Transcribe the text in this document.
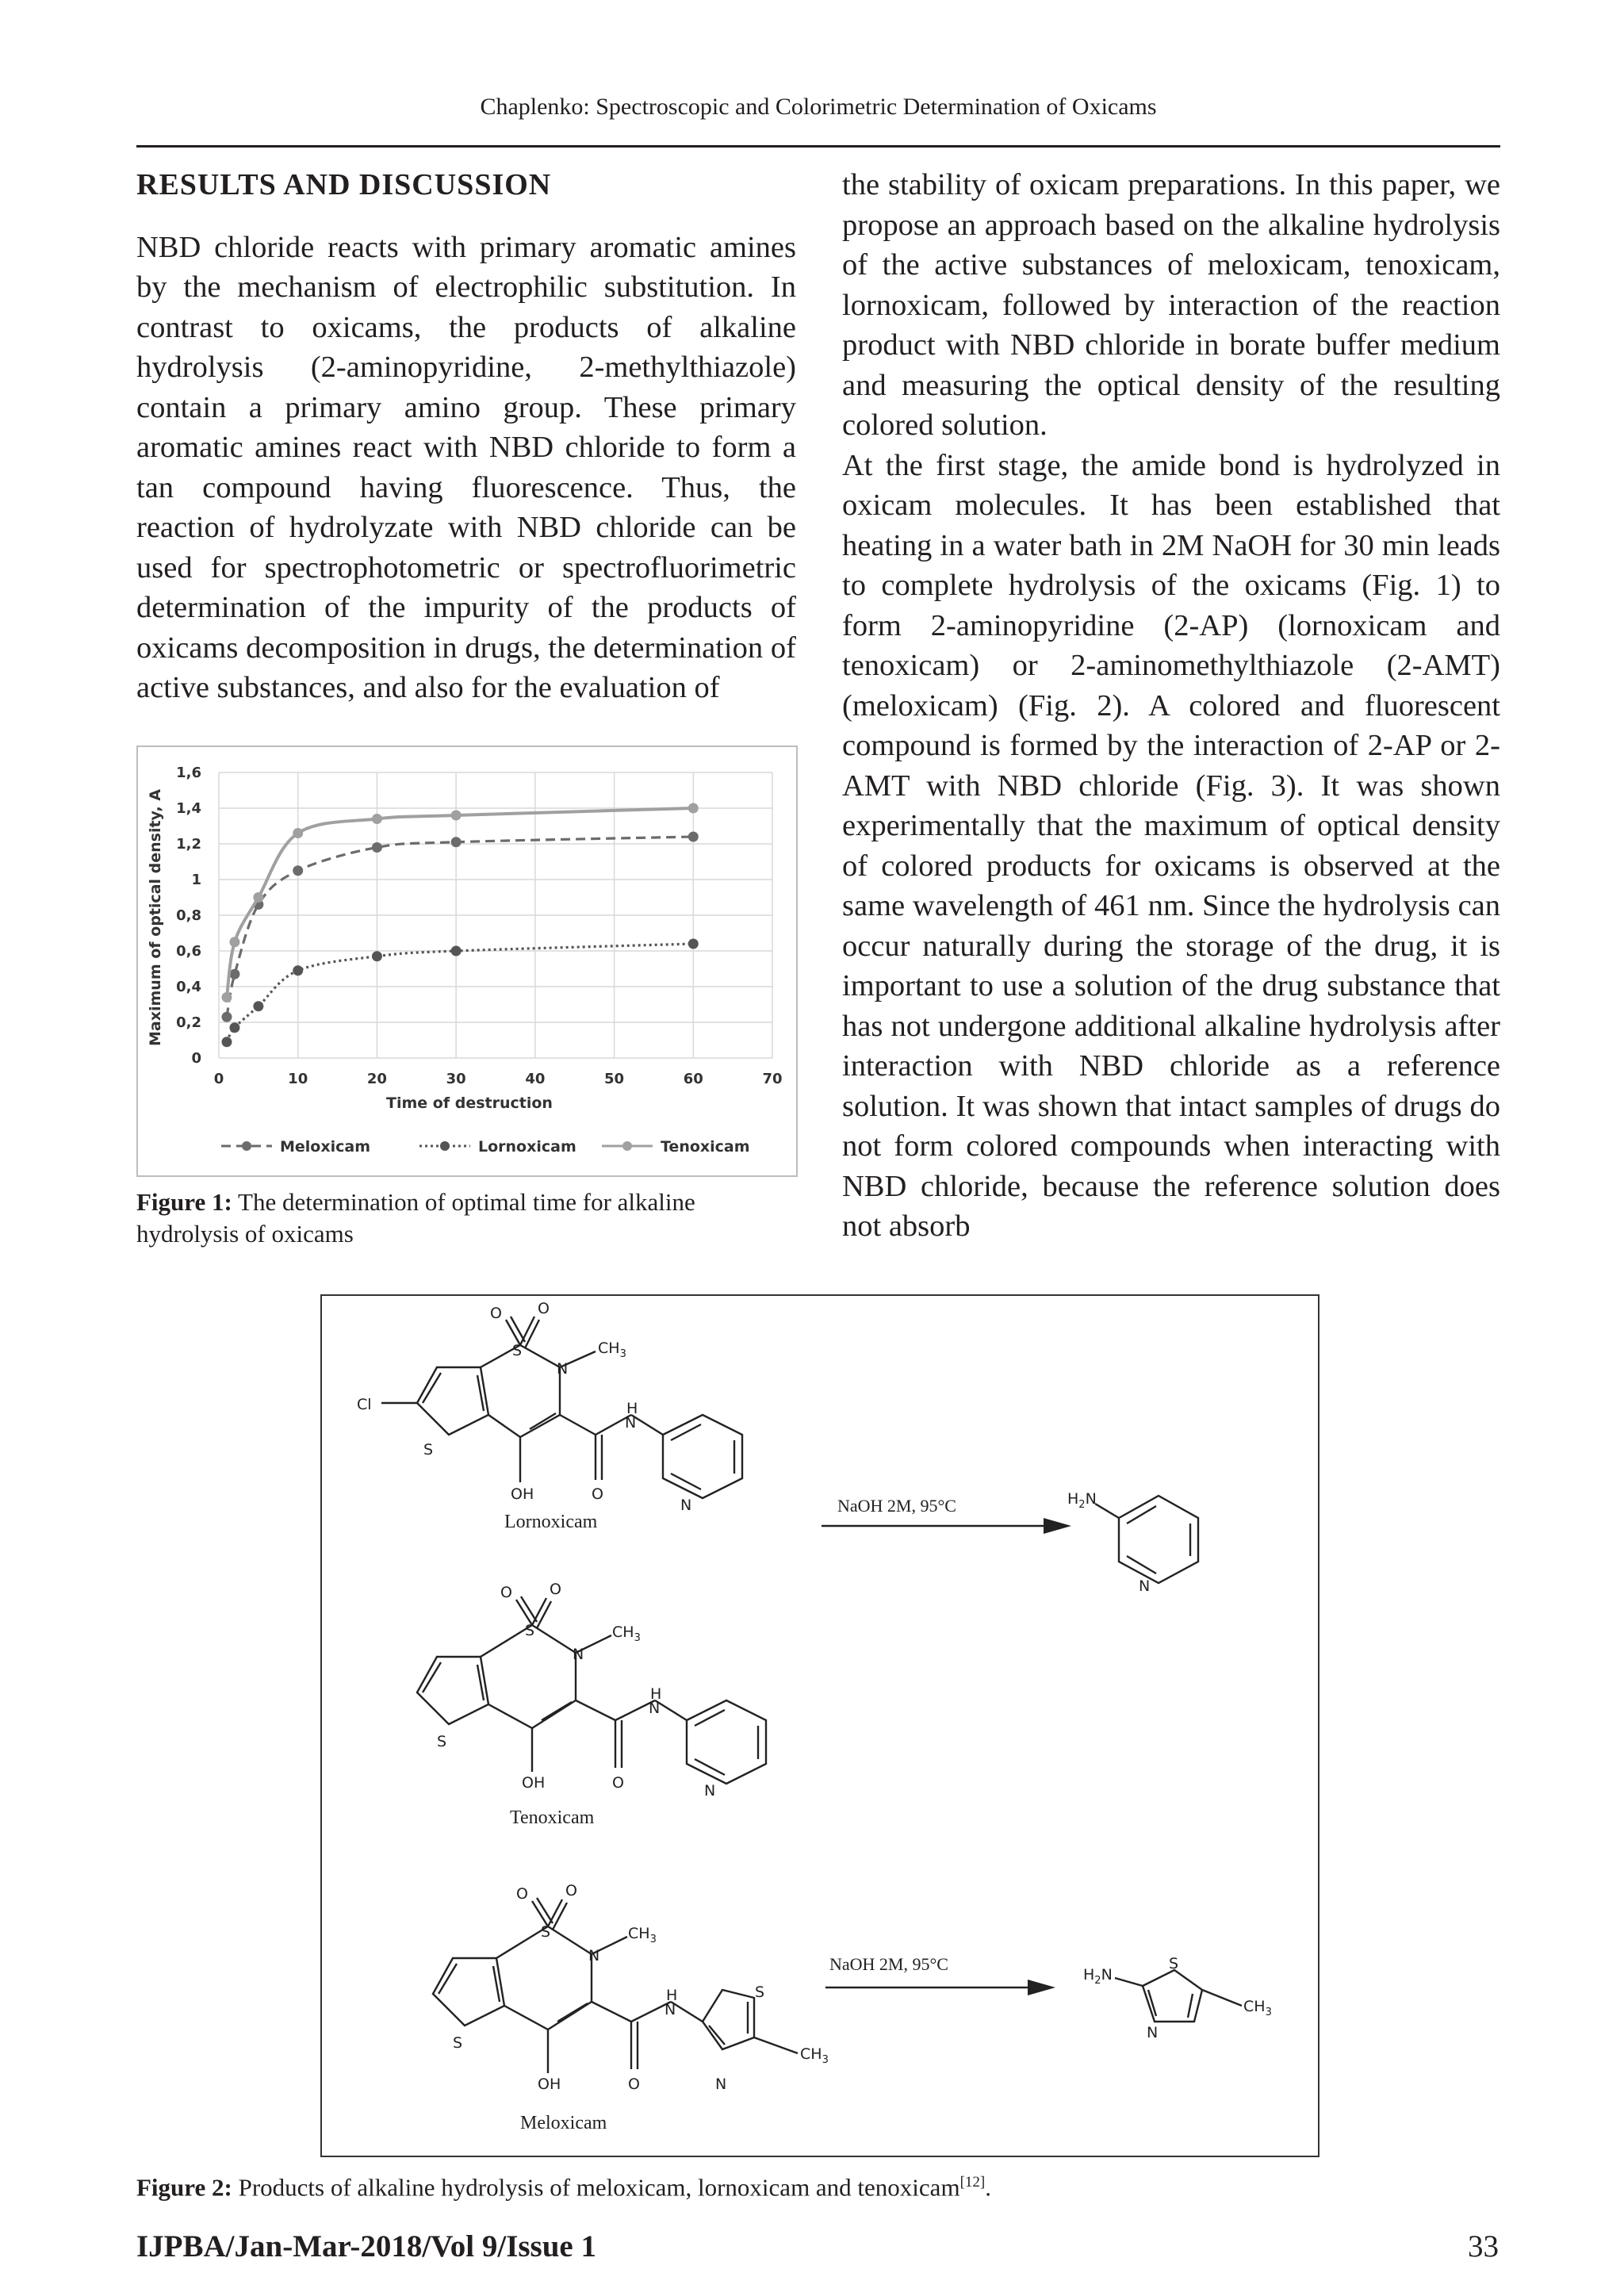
Chaplenko: Spectroscopic and Colorimetric Determination of Oxicams

RESULTS AND DISCUSSION

NBD chloride reacts with primary aromatic amines by the mechanism of electrophilic substitution. In contrast to oxicams, the products of alkaline hydrolysis (2-aminopyridine, 2-methylthiazole) contain a primary amino group. These primary aromatic amines react with NBD chloride to form a tan compound having fluorescence. Thus, the reaction of hydrolyzate with NBD chloride can be used for spectrophotometric or spectrofluorimetric determination of the impurity of the products of oxicams decomposition in drugs, the determination of active substances, and also for the evaluation of

the stability of oxicam preparations. In this paper, we propose an approach based on the alkaline hydrolysis of the active substances of meloxicam, tenoxicam, lornoxicam, followed by interaction of the reaction product with NBD chloride in borate buffer medium and measuring the optical density of the resulting colored solution.

At the first stage, the amide bond is hydrolyzed in oxicam molecules. It has been established that heating in a water bath in 2M NaOH for 30 min leads to complete hydrolysis of the oxicams (Fig. 1) to form 2-aminopyridine (2-AP) (lornoxicam and tenoxicam) or 2-aminomethylthiazole (2-AMT) (meloxicam) (Fig. 2). A colored and fluorescent compound is formed by the interaction of 2-AP or 2-AMT with NBD chloride (Fig. 3). It was shown experimentally that the maximum of optical density of colored products for oxicams is observed at the same wavelength of 461 nm. Since the hydrolysis can occur naturally during the storage of the drug, it is important to use a solution of the drug substance that has not undergone additional alkaline hydrolysis after interaction with NBD chloride as a reference solution. It was shown that intact samples of drugs do not form colored compounds when interacting with NBD chloride, because the reference solution does not absorb

0
0,2
0,4
0,6
0,8
1
1,2
1,4
1,6
0	10	20	30	40	50	60	70
Maximum of optical density, A
Time of destruction
Meloxicam	Lornoxicam	Tenoxicam
Figure 1: The determination of optimal time for alkaline hydrolysis of oxicams
Cl
S
S
O O
N
$CH_3$
H
N
OH	O
N
Lornoxicam
NaOH 2M, 95°C	$H_2N$
N
S
S
O O
N
$CH_3$
H
N
OH	O	N
Tenoxicam
S
S
O O
N
$CH_3$
H
N
OH	O
S
N
$CH_3$
Meloxicam
NaOH 2M, 95°C
$H_2N$
S
N
$CH_3$
Figure 2: Products of alkaline hydrolysis of meloxicam, lornoxicam and tenoxicam[12].
IJPBA/Jan-Mar-2018/Vol 9/Issue 1	33
